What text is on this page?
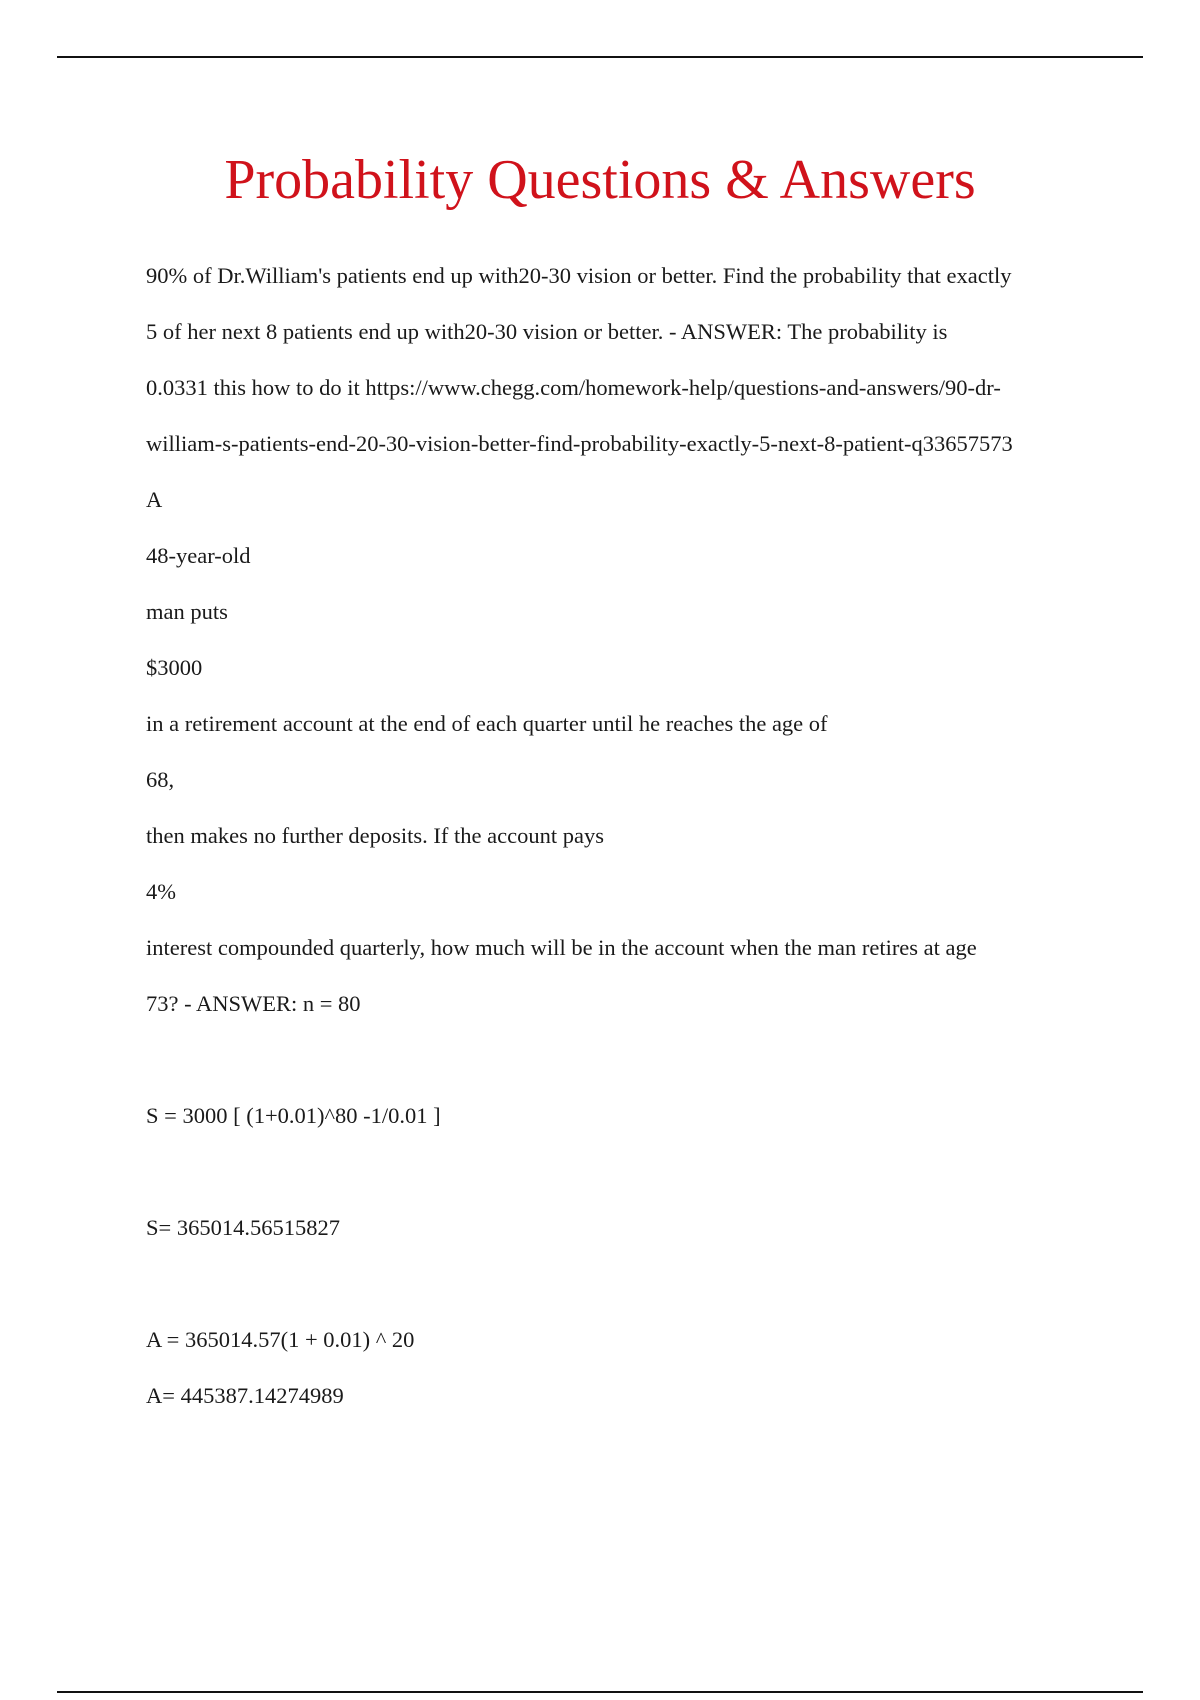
Probability Questions & Answers

90% of Dr.William's patients end up with20-30 vision or better. Find the probability that exactly

5 of her next 8 patients end up with20-30 vision or better. - ANSWER: The probability is

0.0331 this how to do it https://www.chegg.com/homework-help/questions-and-answers/90-dr-

william-s-patients-end-20-30-vision-better-find-probability-exactly-5-next-8-patient-q33657573

A

48-year-old

man puts

$3000

in a retirement account at the end of each quarter until he reaches the age of

68,

then makes no further deposits. If the account pays

4%

interest compounded quarterly, how much will be in the account when the man retires at age

73? - ANSWER: n = 80

S = 3000 [ (1+0.01)^80 -1/0.01 ]

S= 365014.56515827

A = 365014.57(1 + 0.01) ^ 20

A= 445387.14274989
